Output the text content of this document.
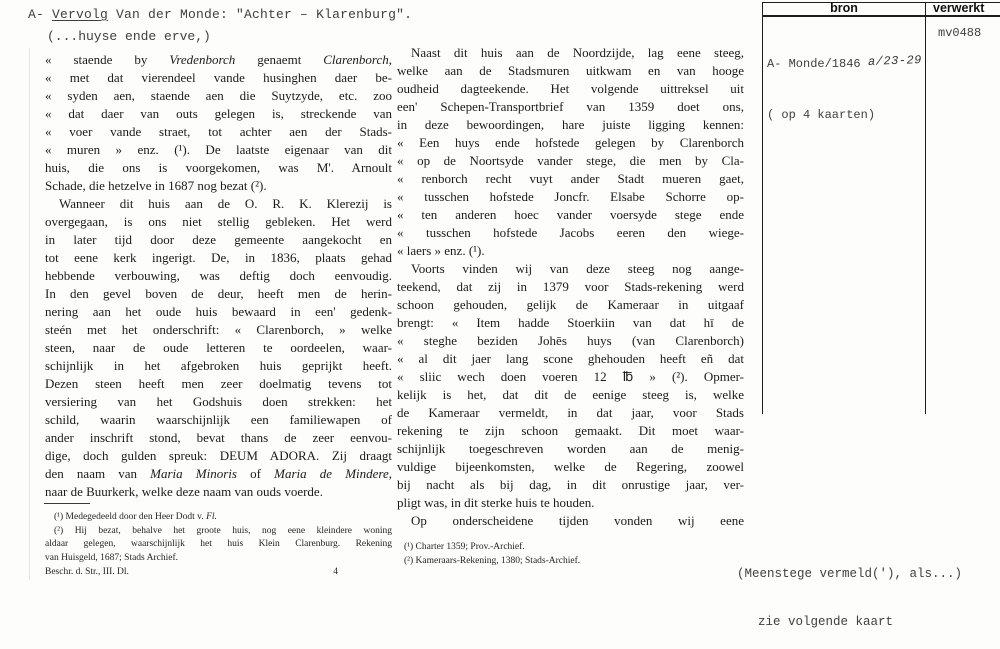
A- Vervolg Van der Monde: "Achter – Klarenburg".
(...huyse ende erve,)
« staende by Vredenborch genaemt Clarenborch,
« met dat vierendeel vande husinghen daer be-
« syden aen, staende aen die Suytzyde, etc. zoo
« dat daer van outs gelegen is, streckende van
« voer vande straet, tot achter aen der Stads-
« muren » enz. (¹). De laatste eigenaar van dit
huis, die ons is voorgekomen, was M'. Arnoult
Schade, die hetzelve in 1687 nog bezat (²).
Wanneer dit huis aan de O. R. K. Klerezij is
overgegaan, is ons niet stellig gebleken. Het werd
in later tijd door deze gemeente aangekocht en
tot eene kerk ingerigt. De, in 1836, plaats gehad
hebbende verbouwing, was deftig doch eenvoudig.
In den gevel boven de deur, heeft men de herin-
nering aan het oude huis bewaard in een' gedenk-
steén met het onderschrift: « Clarenborch, » welke
steen, naar de oude letteren te oordeelen, waar-
schijnlijk in het afgebroken huis geprijkt heeft.
Dezen steen heeft men zeer doelmatig tevens tot
versiering van het Godshuis doen strekken: het
schild, waarin waarschijnlijk een familiewapen of
ander inschrift stond, bevat thans de zeer eenvou-
dige, doch gulden spreuk: DEUM ADORA. Zij draagt
den naam van Maria Minoris of Maria de Mindere,
naar de Buurkerk, welke deze naam van ouds voerde.
(¹) Medegedeeld door den Heer Dodt v. Fl.
(²) Hij bezat, behalve het groote huis, nog eene kleindere woning
aldaar gelegen, waarschijnlijk het huis Klein Clarenburg. Rekening
van Huisgeld, 1687; Stads Archief.
Beschr. d. Str., III. Dl.	4
Naast dit huis aan de Noordzijde, lag eene steeg,
welke aan de Stadsmuren uitkwam en van hooge
oudheid dagteekende. Het volgende uittreksel uit
een' Schepen-Transportbrief van 1359 doet ons,
in deze bewoordingen, hare juiste ligging kennen:
« Een huys ende hofstede gelegen by Clarenborch
« op de Noortsyde vander stege, die men by Cla-
« renborch recht vuyt ander Stadt mueren gaet,
« tusschen hofstede Joncfr. Elsabe Schorre op-
« ten anderen hoec vander voersyde stege ende
« tusschen hofstede Jacobs eeren den wiege-
« laers » enz. (¹).
Voorts vinden wij van deze steeg nog aange-
teekend, dat zij in 1379 voor Stads-rekening werd
schoon gehouden, gelijk de Kameraar in uitgaaf
brengt: « Item hadde Stoerkiin van dat hī de
« steghe beziden Johēs huys (van Clarenborch)
« al dit jaer lang scone ghehouden heeft eñ dat
« sliic wech doen voeren 12 ℔ » (²). Opmer-
kelijk is het, dat dit de eenige steeg is, welke
de Kameraar vermeldt, in dat jaar, voor Stads
rekening te zijn schoon gemaakt. Dit moet waar-
schijnlijk toegeschreven worden aan de menig-
vuldige bijeenkomsten, welke de Regering, zoowel
bij nacht als bij dag, in dit onrustige jaar, ver-
pligt was, in dit sterke huis te houden.
Op onderscheidene tijden vonden wij eene
(¹) Charter 1359; Prov.-Archief.
(²) Kameraars-Rekening, 1380; Stads-Archief.
bron	verwerkt

A- Monde/1846 a/23-29

( op 4 kaarten)

mv0488

(Meenstege vermeld('), als...)

zie volgende kaart
